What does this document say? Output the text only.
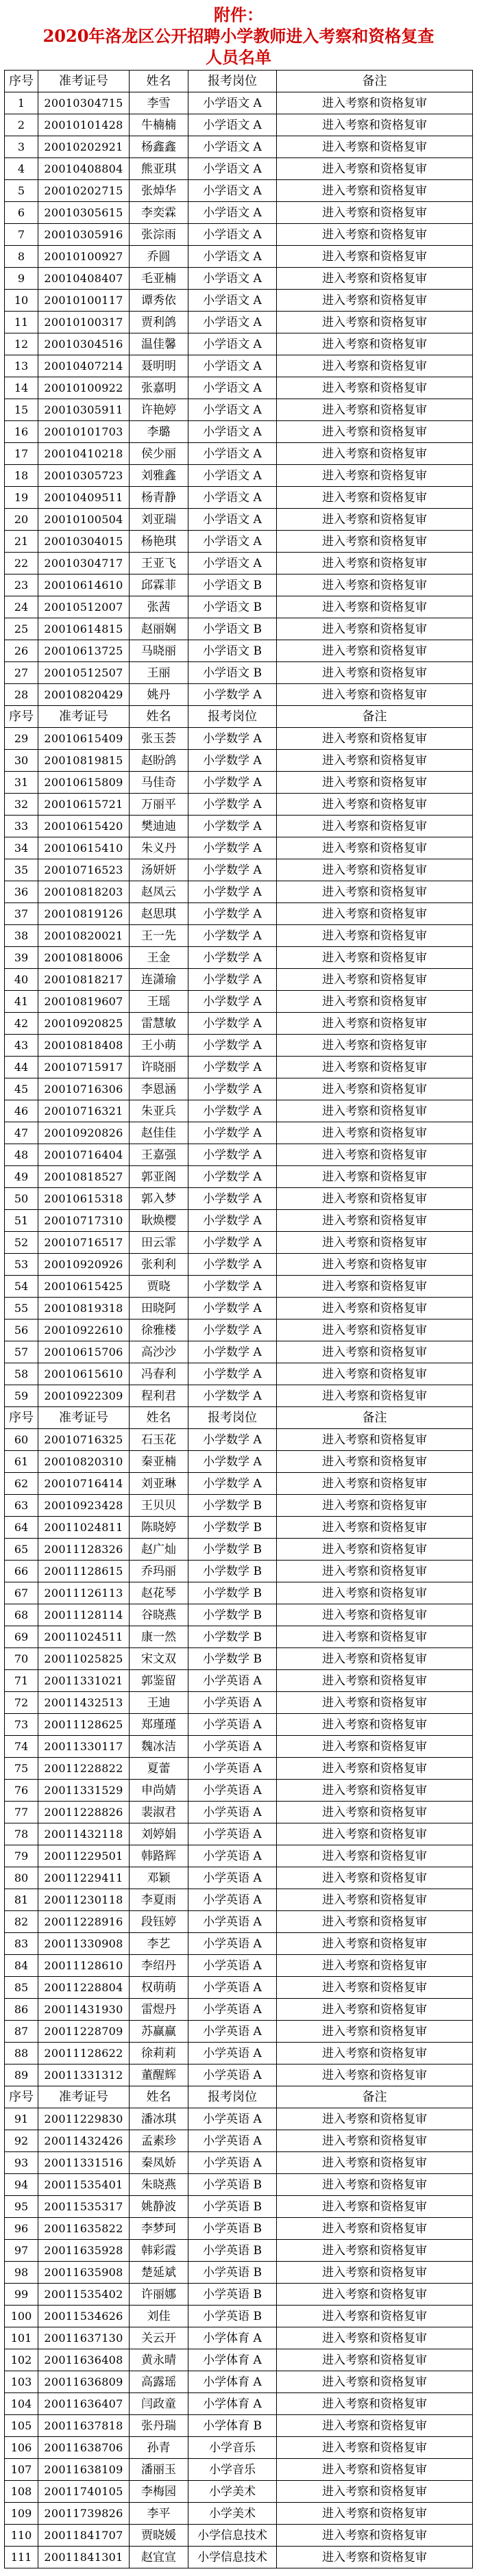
附件：

2020年洛龙区公开招聘小学教师进入考察和资格复查

人员名单

序号	准考证号	姓名	报考岗位	备注
1	20010304715	李雪	小学语文 A	进入考察和资格复审
2	20010101428	牛楠楠	小学语文 A	进入考察和资格复审
3	20010202921	杨鑫鑫	小学语文 A	进入考察和资格复审
4	20010408804	熊亚琪	小学语文 A	进入考察和资格复审
5	20010202715	张焯华	小学语文 A	进入考察和资格复审
6	20010305615	李奕霖	小学语文 A	进入考察和资格复审
7	20010305916	张淙雨	小学语文 A	进入考察和资格复审
8	20010100927	乔圆	小学语文 A	进入考察和资格复审
9	20010408407	毛亚楠	小学语文 A	进入考察和资格复审
10	20010100117	谭秀依	小学语文 A	进入考察和资格复审
11	20010100317	贾利鸽	小学语文 A	进入考察和资格复审
12	20010304516	温佳馨	小学语文 A	进入考察和资格复审
13	20010407214	聂明明	小学语文 A	进入考察和资格复审
14	20010100922	张嘉明	小学语文 A	进入考察和资格复审
15	20010305911	许艳婷	小学语文 A	进入考察和资格复审
16	20010101703	李璐	小学语文 A	进入考察和资格复审
17	20010410218	侯少丽	小学语文 A	进入考察和资格复审
18	20010305723	刘雅鑫	小学语文 A	进入考察和资格复审
19	20010409511	杨青静	小学语文 A	进入考察和资格复审
20	20010100504	刘亚瑞	小学语文 A	进入考察和资格复审
21	20010304015	杨艳琪	小学语文 A	进入考察和资格复审
22	20010304717	王亚飞	小学语文 A	进入考察和资格复审
23	20010614610	邱霖菲	小学语文 B	进入考察和资格复审
24	20010512007	张茜	小学语文 B	进入考察和资格复审
25	20010614815	赵丽娴	小学语文 B	进入考察和资格复审
26	20010613725	马晓丽	小学语文 B	进入考察和资格复审
27	20010512507	王丽	小学语文 B	进入考察和资格复审
28	20010820429	姚丹	小学数学 A	进入考察和资格复审
序号	准考证号	姓名	报考岗位	备注
29	20010615409	张玉荟	小学数学 A	进入考察和资格复审
30	20010819815	赵盼鸽	小学数学 A	进入考察和资格复审
31	20010615809	马佳奇	小学数学 A	进入考察和资格复审
32	20010615721	万丽平	小学数学 A	进入考察和资格复审
33	20010615420	樊迪迪	小学数学 A	进入考察和资格复审
34	20010615410	朱义丹	小学数学 A	进入考察和资格复审
35	20010716523	汤妍妍	小学数学 A	进入考察和资格复审
36	20010818203	赵凤云	小学数学 A	进入考察和资格复审
37	20010819126	赵思琪	小学数学 A	进入考察和资格复审
38	20010820021	王一先	小学数学 A	进入考察和资格复审
39	20010818006	王金	小学数学 A	进入考察和资格复审
40	20010818217	连潇瑜	小学数学 A	进入考察和资格复审
41	20010819607	王瑶	小学数学 A	进入考察和资格复审
42	20010920825	雷慧敏	小学数学 A	进入考察和资格复审
43	20010818408	王小萌	小学数学 A	进入考察和资格复审
44	20010715917	许晓丽	小学数学 A	进入考察和资格复审
45	20010716306	李恩涵	小学数学 A	进入考察和资格复审
46	20010716321	朱亚兵	小学数学 A	进入考察和资格复审
47	20010920826	赵佳佳	小学数学 A	进入考察和资格复审
48	20010716404	王嘉强	小学数学 A	进入考察和资格复审
49	20010818527	郭亚阁	小学数学 A	进入考察和资格复审
50	20010615318	郭入梦	小学数学 A	进入考察和资格复审
51	20010717310	耿焕樱	小学数学 A	进入考察和资格复审
52	20010716517	田云霏	小学数学 A	进入考察和资格复审
53	20010920926	张利利	小学数学 A	进入考察和资格复审
54	20010615425	贾晓	小学数学 A	进入考察和资格复审
55	20010819318	田晓阿	小学数学 A	进入考察和资格复审
56	20010922610	徐雅楼	小学数学 A	进入考察和资格复审
57	20010615706	高沙沙	小学数学 A	进入考察和资格复审
58	20010615610	冯春利	小学数学 A	进入考察和资格复审
59	20010922309	程利君	小学数学 A	进入考察和资格复审
序号	准考证号	姓名	报考岗位	备注
60	20010716325	石玉花	小学数学 A	进入考察和资格复审
61	20010820310	秦亚楠	小学数学 A	进入考察和资格复审
62	20010716414	刘亚琳	小学数学 A	进入考察和资格复审
63	20010923428	王贝贝	小学数学 B	进入考察和资格复审
64	20011024811	陈晓婷	小学数学 B	进入考察和资格复审
65	20011128326	赵广灿	小学数学 B	进入考察和资格复审
66	20011128615	乔玛丽	小学数学 B	进入考察和资格复审
67	20011126113	赵花琴	小学数学 B	进入考察和资格复审
68	20011128114	谷晓燕	小学数学 B	进入考察和资格复审
69	20011024511	康一然	小学数学 B	进入考察和资格复审
70	20011025825	宋文双	小学数学 B	进入考察和资格复审
71	20011331021	郭鉴留	小学英语 A	进入考察和资格复审
72	20011432513	王迪	小学英语 A	进入考察和资格复审
73	20011128625	郑瑾瑾	小学英语 A	进入考察和资格复审
74	20011330117	魏冰洁	小学英语 A	进入考察和资格复审
75	20011228822	夏蕾	小学英语 A	进入考察和资格复审
76	20011331529	申尚婧	小学英语 A	进入考察和资格复审
77	20011228826	裴淑君	小学英语 A	进入考察和资格复审
78	20011432118	刘婷娟	小学英语 A	进入考察和资格复审
79	20011229501	韩路辉	小学英语 A	进入考察和资格复审
80	20011229411	邓颖	小学英语 A	进入考察和资格复审
81	20011230118	李夏雨	小学英语 A	进入考察和资格复审
82	20011228916	段钰婷	小学英语 A	进入考察和资格复审
83	20011330908	李艺	小学英语 A	进入考察和资格复审
84	20011128610	李绍丹	小学英语 A	进入考察和资格复审
85	20011228804	权萌萌	小学英语 A	进入考察和资格复审
86	20011431930	雷煜丹	小学英语 A	进入考察和资格复审
87	20011228709	苏赢赢	小学英语 A	进入考察和资格复审
88	20011128622	徐莉莉	小学英语 A	进入考察和资格复审
89	20011331312	董醒辉	小学英语 A	进入考察和资格复审
序号	准考证号	姓名	报考岗位	备注
91	20011229830	潘冰琪	小学英语 A	进入考察和资格复审
92	20011432426	孟素珍	小学英语 A	进入考察和资格复审
93	20011331516	秦凤娇	小学英语 A	进入考察和资格复审
94	20011535401	朱晓燕	小学英语 B	进入考察和资格复审
95	20011535317	姚静波	小学英语 B	进入考察和资格复审
96	20011635822	李梦珂	小学英语 B	进入考察和资格复审
97	20011635928	韩彩霞	小学英语 B	进入考察和资格复审
98	20011635908	楚延斌	小学英语 B	进入考察和资格复审
99	20011535402	许丽娜	小学英语 B	进入考察和资格复审
100	20011534626	刘佳	小学英语 B	进入考察和资格复审
101	20011637130	关云开	小学体育 A	进入考察和资格复审
102	20011636408	黄永晴	小学体育 A	进入考察和资格复审
103	20011636809	高露瑶	小学体育 A	进入考察和资格复审
104	20011636407	闫政童	小学体育 A	进入考察和资格复审
105	20011637818	张丹瑞	小学体育 B	进入考察和资格复审
106	20011638706	孙青	小学音乐	进入考察和资格复审
107	20011638109	潘丽玉	小学音乐	进入考察和资格复审
108	20011740105	李梅园	小学美术	进入考察和资格复审
109	20011739826	李平	小学美术	进入考察和资格复审
110	20011841707	贾晓媛	小学信息技术	进入考察和资格复审
111	20011841301	赵宜宣	小学信息技术	进入考察和资格复审
